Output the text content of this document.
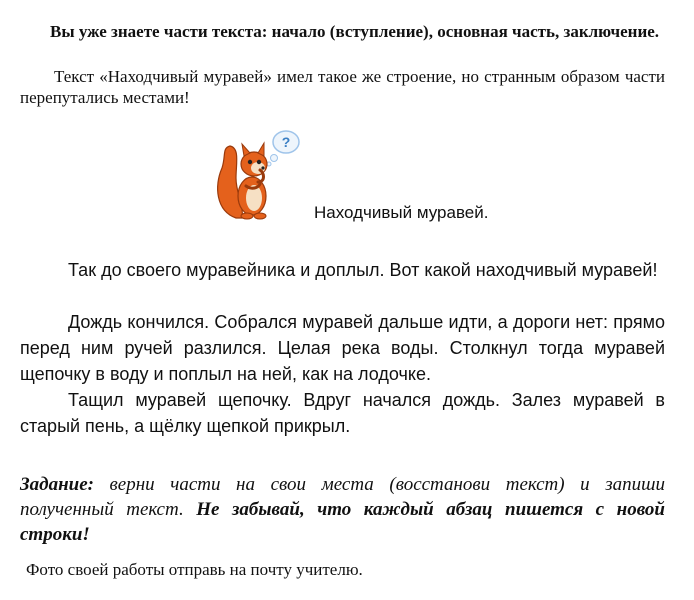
Вы уже знаете части текста: начало (вступление), основная часть, заключение.
Текст «Находчивый муравей» имел такое же строение, но странным образом части перепутались местами!
?
Находчивый муравей.

Так до своего муравейника и доплыл. Вот какой находчивый муравей!

Дождь кончился. Собрался муравей дальше идти, а дороги нет: прямо перед ним ручей разлился. Целая река воды. Столкнул тогда муравей щепочку в воду и поплыл на ней, как на лодочке.

Тащил муравей щепочку. Вдруг начался дождь. Залез муравей в старый пень, а щёлку щепкой прикрыл.

Задание: верни части на свои места (восстанови текст) и запиши полученный текст. Не забывай, что каждый абзац пишется с новой строки!
Фото своей работы отправь на почту учителю.
